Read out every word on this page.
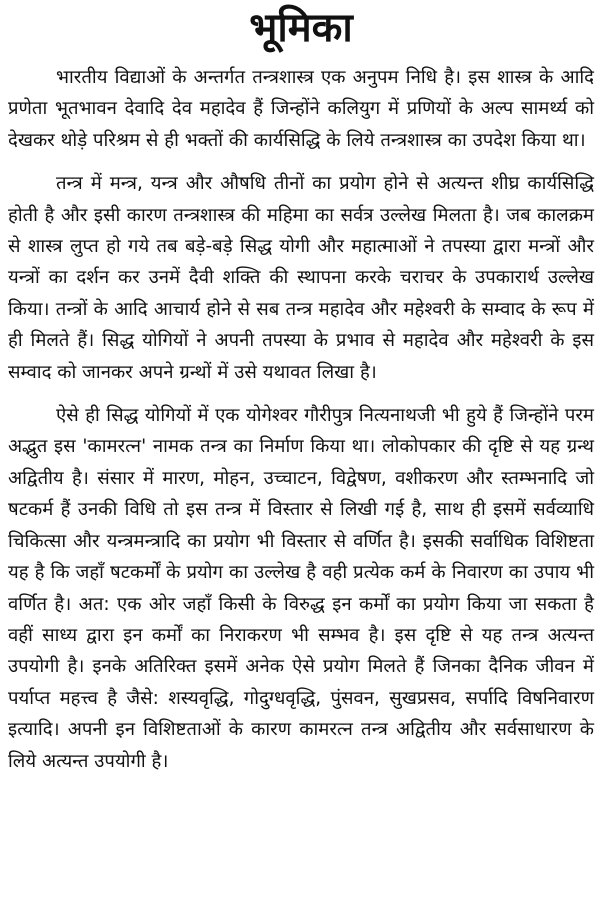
भूमिका

भारतीय विद्याओं के अन्तर्गत तन्त्रशास्त्र एक अनुपम निधि है। इस शास्त्र के आदि प्रणेता भूतभावन देवादि देव महादेव हैं जिन्होंने कलियुग में प्रणियों के अल्प सामर्थ्य को देखकर थोड़े परिश्रम से ही भक्तों की कार्यसिद्धि के लिये तन्त्रशास्त्र का उपदेश किया था।

तन्त्र में मन्त्र, यन्त्र और औषधि तीनों का प्रयोग होने से अत्यन्त शीघ्र कार्यसिद्धि होती है और इसी कारण तन्त्रशास्त्र की महिमा का सर्वत्र उल्लेख मिलता है। जब कालक्रम से शास्त्र लुप्त हो गये तब बड़े-बड़े सिद्ध योगी और महात्माओं ने तपस्या द्वारा मन्त्रों और यन्त्रों का दर्शन कर उनमें दैवी शक्ति की स्थापना करके चराचर के उपकारार्थ उल्लेख किया। तन्त्रों के आदि आचार्य होने से सब तन्त्र महादेव और महेश्वरी के सम्वाद के रूप में ही मिलते हैं। सिद्ध योगियों ने अपनी तपस्या के प्रभाव से महादेव और महेश्वरी के इस सम्वाद को जानकर अपने ग्रन्थों में उसे यथावत लिखा है।

ऐसे ही सिद्ध योगियों में एक योगेश्वर गौरीपुत्र नित्यनाथजी भी हुये हैं जिन्होंने परम अद्भुत इस 'कामरत्न' नामक तन्त्र का निर्माण किया था। लोकोपकार की दृष्टि से यह ग्रन्थ अद्वितीय है। संसार में मारण, मोहन, उच्चाटन, विद्वेषण, वशीकरण और स्तम्भनादि जो षटकर्म हैं उनकी विधि तो इस तन्त्र में विस्तार से लिखी गई है, साथ ही इसमें सर्वव्याधि चिकित्सा और यन्त्रमन्त्रादि का प्रयोग भी विस्तार से वर्णित है। इसकी सर्वाधिक विशिष्टता यह है कि जहाँ षटकर्मों के प्रयोग का उल्लेख है वही प्रत्येक कर्म के निवारण का उपाय भी वर्णित है। अत: एक ओर जहाँ किसी के विरुद्ध इन कर्मों का प्रयोग किया जा सकता है वहीं साध्य द्वारा इन कर्मों का निराकरण भी सम्भव है। इस दृष्टि से यह तन्त्र अत्यन्त उपयोगी है। इनके अतिरिक्त इसमें अनेक ऐसे प्रयोग मिलते हैं जिनका दैनिक जीवन में पर्याप्त महत्त्व है जैसे: शस्यवृद्धि, गोदुग्धवृद्धि, पुंसवन, सुखप्रसव, सर्पादि विषनिवारण इत्यादि। अपनी इन विशिष्टताओं के कारण कामरत्न तन्त्र अद्वितीय और सर्वसाधारण के लिये अत्यन्त उपयोगी है।
